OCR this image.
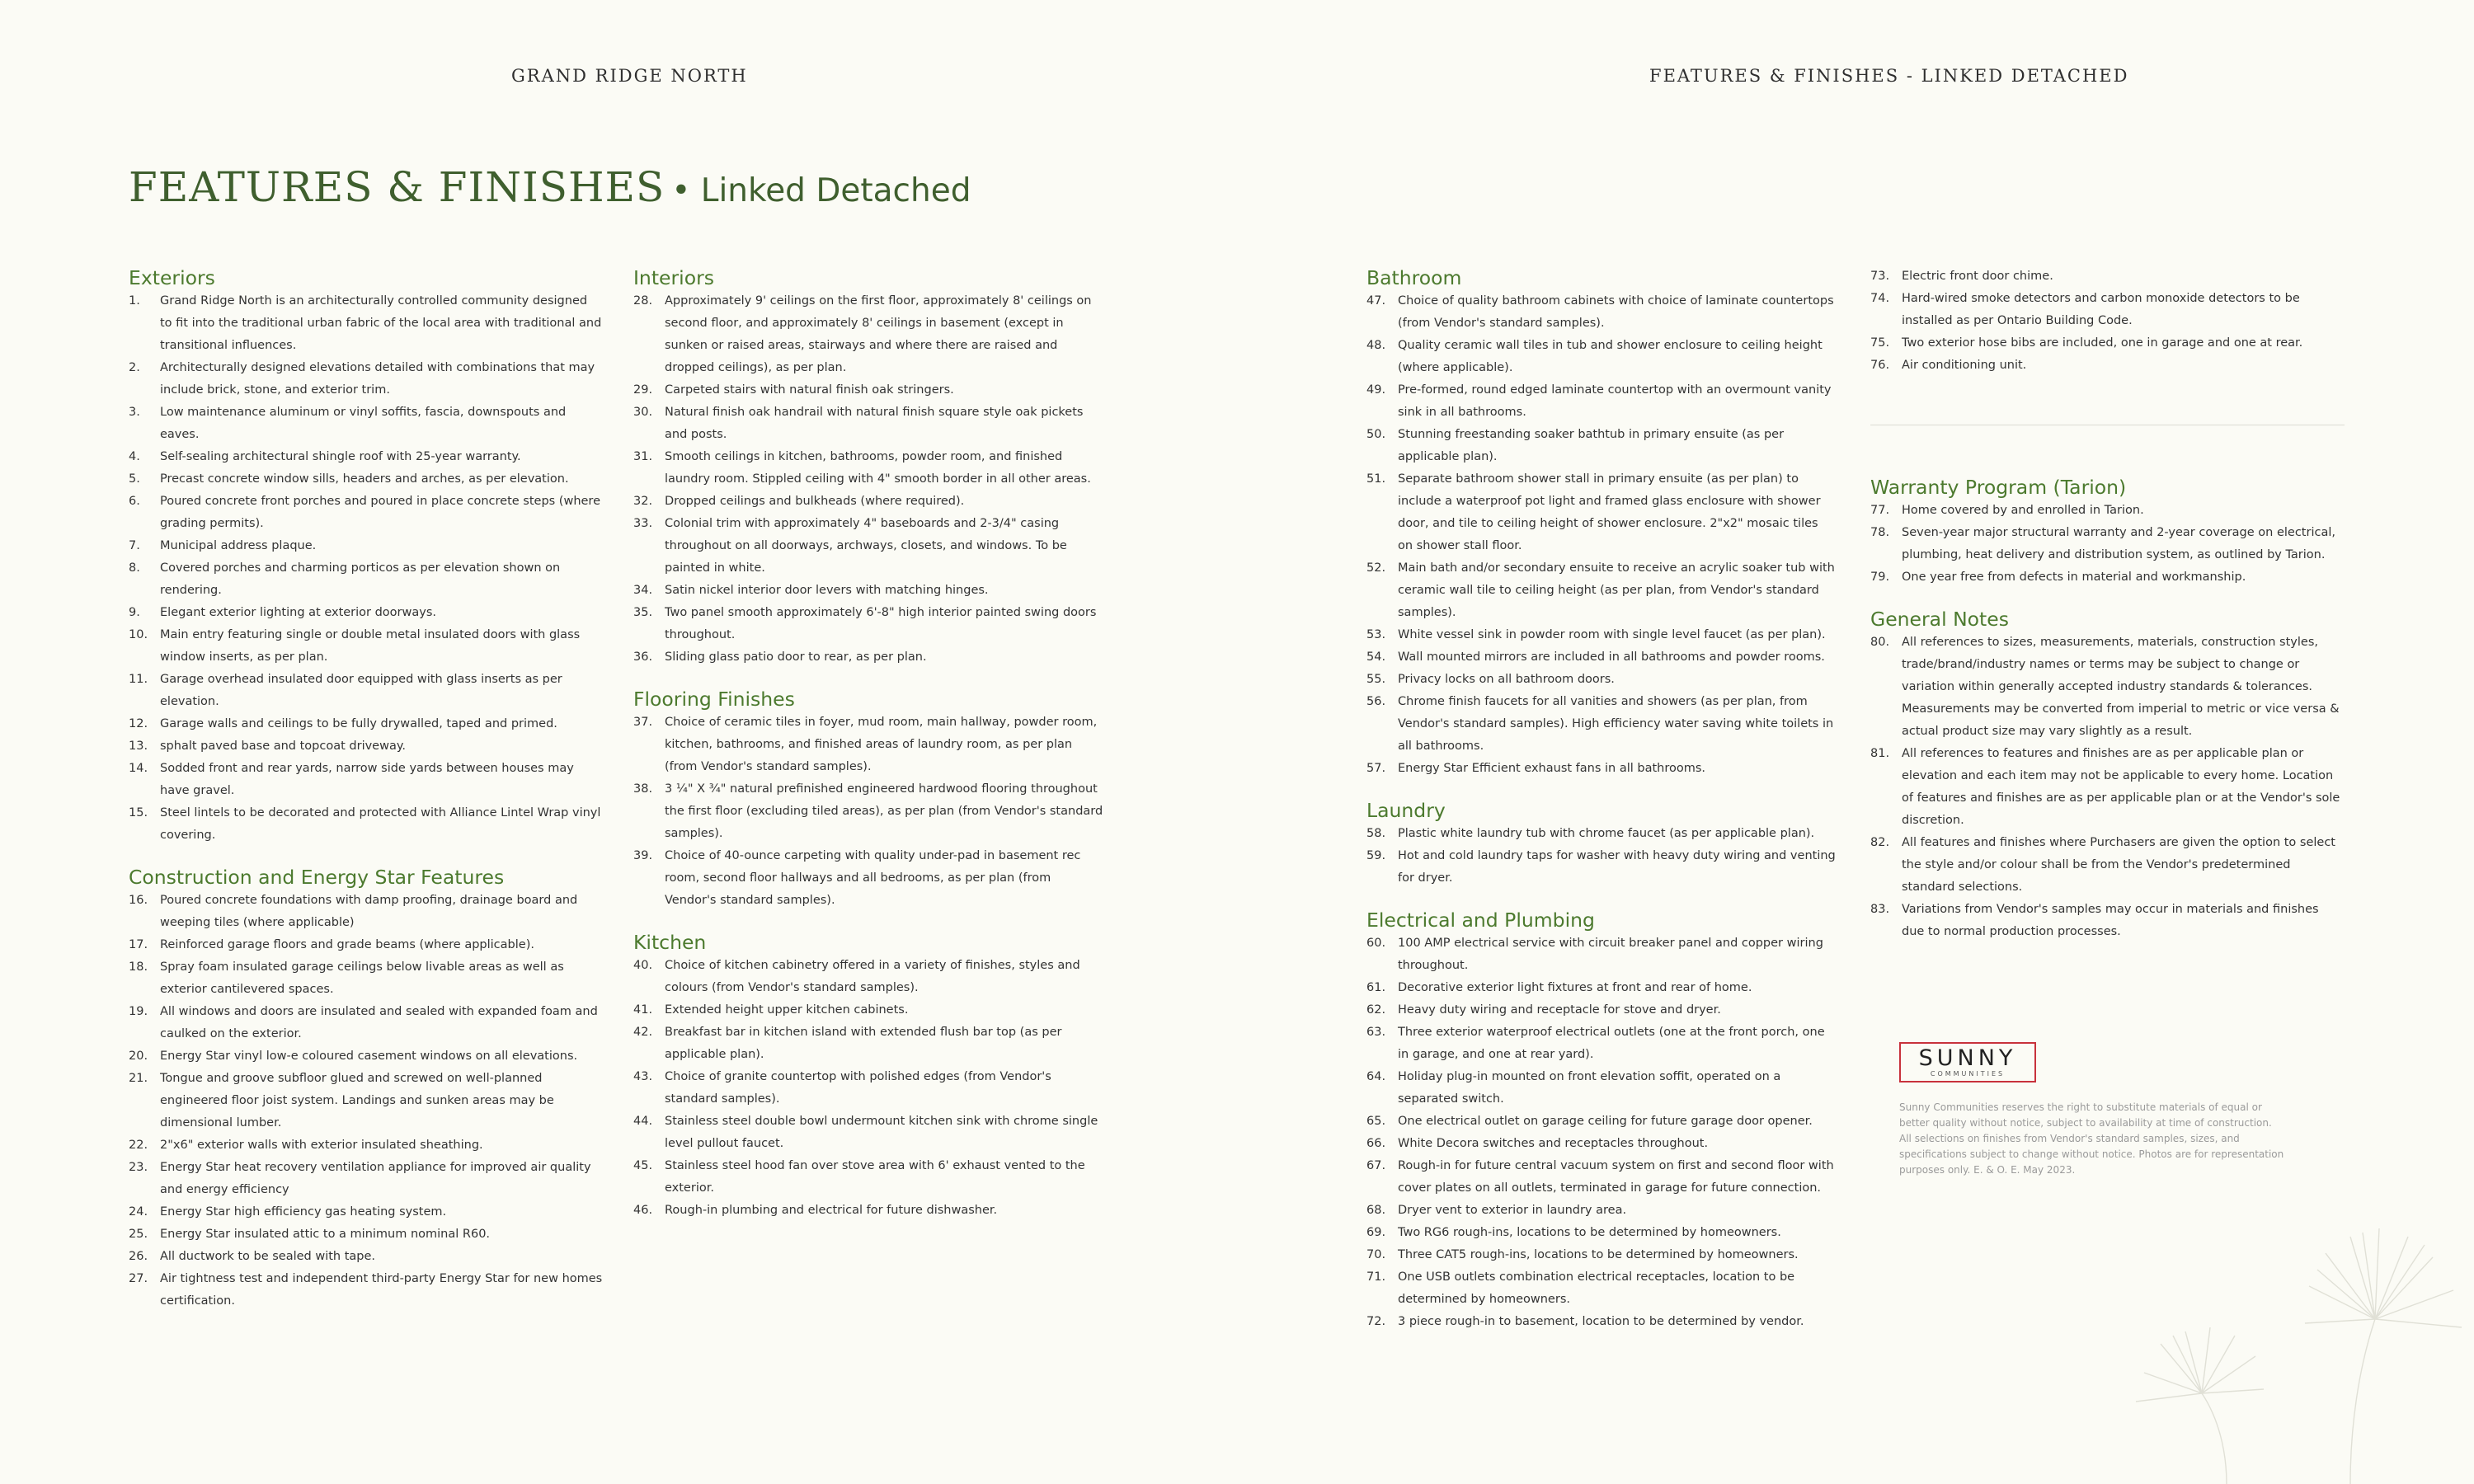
GRAND RIDGE NORTH	FEATURES & FINISHES - LINKED DETACHED
FEATURES & FINISHES • Linked Detached
Exteriors
1.	Grand Ridge North is an architecturally controlled community designed to fit into the traditional urban fabric of the local area with traditional and transitional influences.
2.	Architecturally designed elevations detailed with combinations that may include brick, stone, and exterior trim.
3.	Low maintenance aluminum or vinyl soffits, fascia, downspouts and eaves.
4.	Self-sealing architectural shingle roof with 25-year warranty.
5.	Precast concrete window sills, headers and arches, as per elevation.
6.	Poured concrete front porches and poured in place concrete steps (where grading permits).
7.	Municipal address plaque.
8.	Covered porches and charming porticos as per elevation shown on rendering.
9.	Elegant exterior lighting at exterior doorways.
10.	Main entry featuring single or double metal insulated doors with glass window inserts, as per plan.
11.	Garage overhead insulated door equipped with glass inserts as per elevation.
12.	Garage walls and ceilings to be fully drywalled, taped and primed.
13.	sphalt paved base and topcoat driveway.
14.	Sodded front and rear yards, narrow side yards between houses may have gravel.
15.	Steel lintels to be decorated and protected with Alliance Lintel Wrap vinyl covering.
Construction and Energy Star Features
16.	Poured concrete foundations with damp proofing, drainage board and weeping tiles (where applicable)
17.	Reinforced garage floors and grade beams (where applicable).
18.	Spray foam insulated garage ceilings below livable areas as well as exterior cantilevered spaces.
19.	All windows and doors are insulated and sealed with expanded foam and caulked on the exterior.
20.	Energy Star vinyl low-e coloured casement windows on all elevations.
21.	Tongue and groove subfloor glued and screwed on well-planned engineered floor joist system. Landings and sunken areas may be dimensional lumber.
22.	2"x6" exterior walls with exterior insulated sheathing.
23.	Energy Star heat recovery ventilation appliance for improved air quality and energy efficiency
24.	Energy Star high efficiency gas heating system.
25.	Energy Star insulated attic to a minimum nominal R60.
26.	All ductwork to be sealed with tape.
27.	Air tightness test and independent third-party Energy Star for new homes certification.
Interiors
28.	Approximately 9' ceilings on the first floor, approximately 8' ceilings on second floor, and approximately 8' ceilings in basement (except in sunken or raised areas, stairways and where there are raised and dropped ceilings), as per plan.
29.	Carpeted stairs with natural finish oak stringers.
30.	Natural finish oak handrail with natural finish square style oak pickets and posts.
31.	Smooth ceilings in kitchen, bathrooms, powder room, and finished laundry room. Stippled ceiling with 4" smooth border in all other areas.
32.	Dropped ceilings and bulkheads (where required).
33.	Colonial trim with approximately 4" baseboards and 2-3/4" casing throughout on all doorways, archways, closets, and windows. To be painted in white.
34.	Satin nickel interior door levers with matching hinges.
35.	Two panel smooth approximately 6'-8" high interior painted swing doors throughout.
36.	Sliding glass patio door to rear, as per plan.
Flooring Finishes
37.	Choice of ceramic tiles in foyer, mud room, main hallway, powder room, kitchen, bathrooms, and finished areas of laundry room, as per plan (from Vendor's standard samples).
38.	3 ¼" X ¾" natural prefinished engineered hardwood flooring throughout the first floor (excluding tiled areas), as per plan (from Vendor's standard samples).
39.	Choice of 40-ounce carpeting with quality under-pad in basement rec room, second floor hallways and all bedrooms, as per plan (from Vendor's standard samples).
Kitchen
40.	Choice of kitchen cabinetry offered in a variety of finishes, styles and colours (from Vendor's standard samples).
41.	Extended height upper kitchen cabinets.
42.	Breakfast bar in kitchen island with extended flush bar top (as per applicable plan).
43.	Choice of granite countertop with polished edges (from Vendor's standard samples).
44.	Stainless steel double bowl undermount kitchen sink with chrome single level pullout faucet.
45.	Stainless steel hood fan over stove area with 6' exhaust vented to the exterior.
46.	Rough-in plumbing and electrical for future dishwasher.
Bathroom
47.	Choice of quality bathroom cabinets with choice of laminate countertops (from Vendor's standard samples).
48.	Quality ceramic wall tiles in tub and shower enclosure to ceiling height (where applicable).
49.	Pre-formed, round edged laminate countertop with an overmount vanity sink in all bathrooms.
50.	Stunning freestanding soaker bathtub in primary ensuite (as per applicable plan).
51.	Separate bathroom shower stall in primary ensuite (as per plan) to include a waterproof pot light and framed glass enclosure with shower door, and tile to ceiling height of shower enclosure. 2"x2" mosaic tiles on shower stall floor.
52.	Main bath and/or secondary ensuite to receive an acrylic soaker tub with ceramic wall tile to ceiling height (as per plan, from Vendor's standard samples).
53.	White vessel sink in powder room with single level faucet (as per plan).
54.	Wall mounted mirrors are included in all bathrooms and powder rooms.
55.	Privacy locks on all bathroom doors.
56.	Chrome finish faucets for all vanities and showers (as per plan, from Vendor's standard samples). High efficiency water saving white toilets in all bathrooms.
57.	Energy Star Efficient exhaust fans in all bathrooms.
Laundry
58.	Plastic white laundry tub with chrome faucet (as per applicable plan).
59.	Hot and cold laundry taps for washer with heavy duty wiring and venting for dryer.
Electrical and Plumbing
60.	100 AMP electrical service with circuit breaker panel and copper wiring throughout.
61.	Decorative exterior light fixtures at front and rear of home.
62.	Heavy duty wiring and receptacle for stove and dryer.
63.	Three exterior waterproof electrical outlets (one at the front porch, one in garage, and one at rear yard).
64.	Holiday plug-in mounted on front elevation soffit, operated on a separated switch.
65.	One electrical outlet on garage ceiling for future garage door opener.
66.	White Decora switches and receptacles throughout.
67.	Rough-in for future central vacuum system on first and second floor with cover plates on all outlets, terminated in garage for future connection.
68.	Dryer vent to exterior in laundry area.
69.	Two RG6 rough-ins, locations to be determined by homeowners.
70.	Three CAT5 rough-ins, locations to be determined by homeowners.
71.	One USB outlets combination electrical receptacles, location to be determined by homeowners.
72.	3 piece rough-in to basement, location to be determined by vendor.
73.	Electric front door chime.
74.	Hard-wired smoke detectors and carbon monoxide detectors to be installed as per Ontario Building Code.
75.	Two exterior hose bibs are included, one in garage and one at rear.
76.	Air conditioning unit.
Warranty Program (Tarion)
77.	Home covered by and enrolled in Tarion.
78.	Seven-year major structural warranty and 2-year coverage on electrical, plumbing, heat delivery and distribution system, as outlined by Tarion.
79.	One year free from defects in material and workmanship.
General Notes
80.	All references to sizes, measurements, materials, construction styles, trade/brand/industry names or terms may be subject to change or variation within generally accepted industry standards & tolerances. Measurements may be converted from imperial to metric or vice versa & actual product size may vary slightly as a result.
81.	All references to features and finishes are as per applicable plan or elevation and each item may not be applicable to every home. Location of features and finishes are as per applicable plan or at the Vendor's sole discretion.
82.	All features and finishes where Purchasers are given the option to select the style and/or colour shall be from the Vendor's predetermined standard selections.
83.	Variations from Vendor's samples may occur in materials and finishes due to normal production processes.
SUNNY
COMMUNITIES
Sunny Communities reserves the right to substitute materials of equal or better quality without notice, subject to availability at time of construction. All selections on finishes from Vendor's standard samples, sizes, and specifications subject to change without notice. Photos are for representation purposes only. E. & O. E. May 2023.
